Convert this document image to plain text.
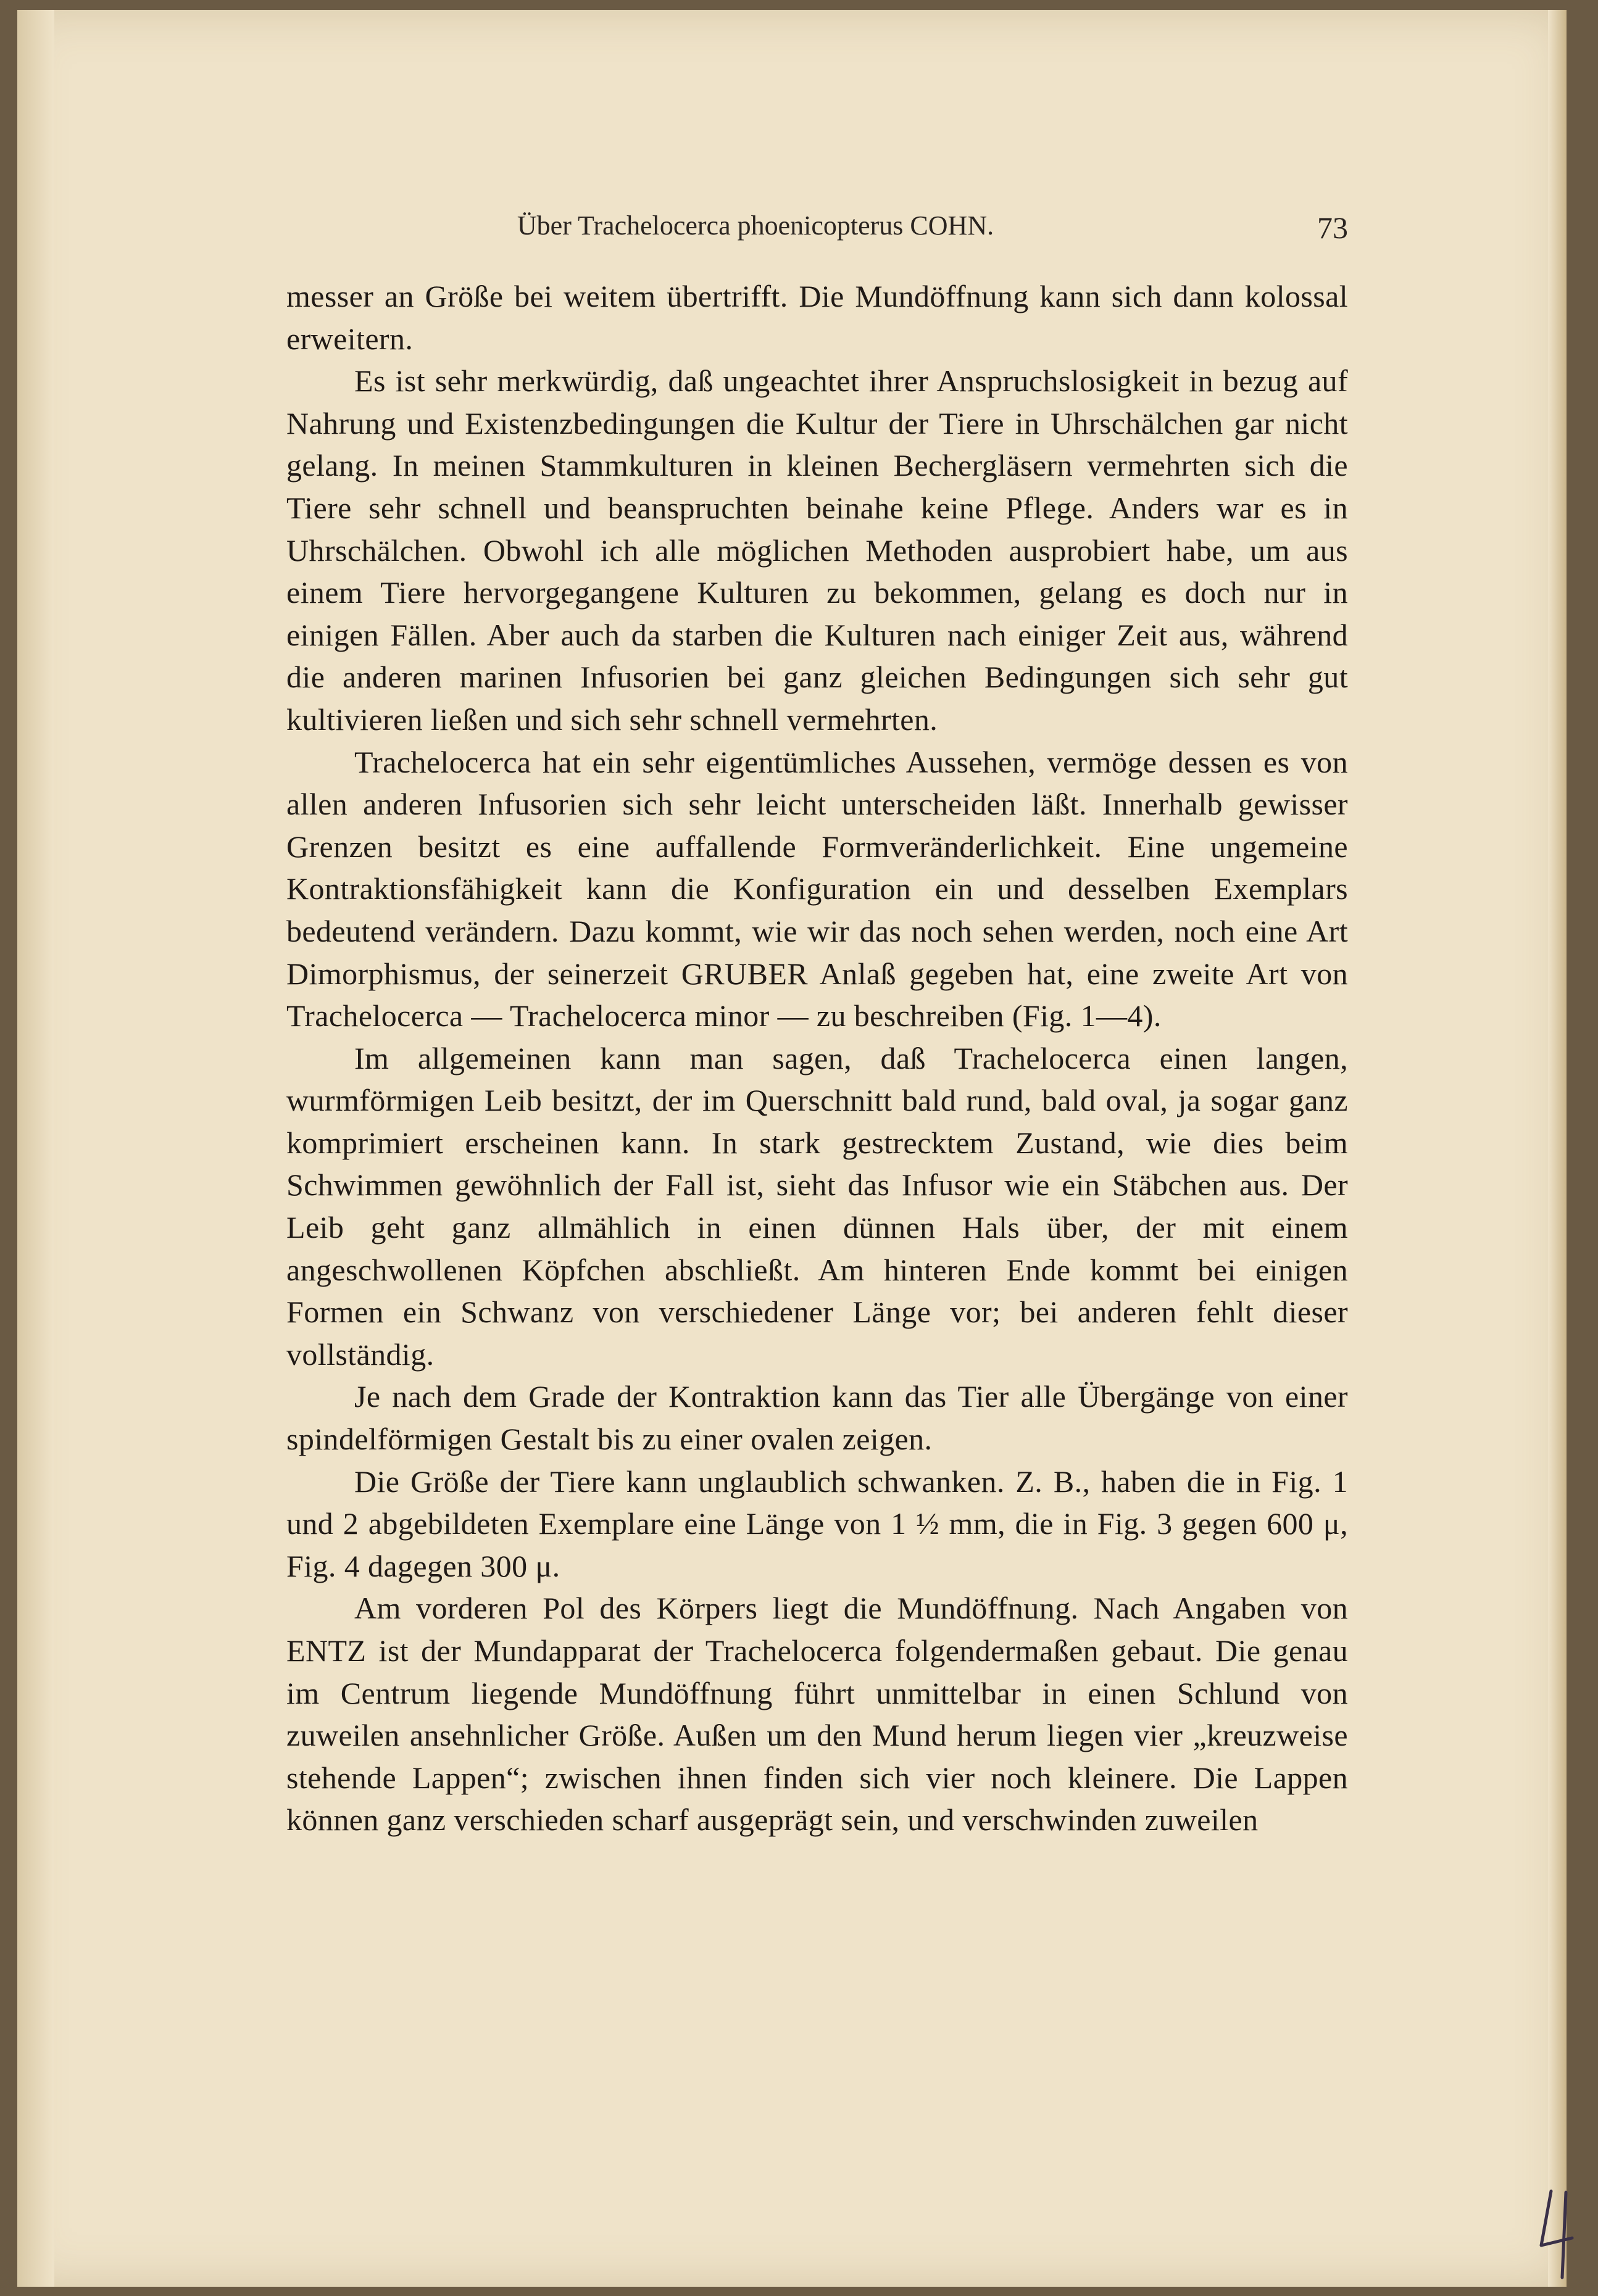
Über Trachelocerca phoenicopterus COHN.	73

messer an Größe bei weitem übertrifft. Die Mundöffnung kann sich dann kolossal erweitern.

Es ist sehr merkwürdig, daß ungeachtet ihrer Anspruchslosigkeit in bezug auf Nahrung und Existenzbedingungen die Kultur der Tiere in Uhrschälchen gar nicht gelang. In meinen Stammkulturen in kleinen Bechergläsern vermehrten sich die Tiere sehr schnell und beanspruchten beinahe keine Pflege. Anders war es in Uhrschälchen. Obwohl ich alle möglichen Methoden ausprobiert habe, um aus einem Tiere hervorgegangene Kulturen zu bekommen, gelang es doch nur in einigen Fällen. Aber auch da starben die Kulturen nach einiger Zeit aus, während die anderen marinen Infusorien bei ganz gleichen Bedingungen sich sehr gut kultivieren ließen und sich sehr schnell vermehrten.

Trachelocerca hat ein sehr eigentümliches Aussehen, vermöge dessen es von allen anderen Infusorien sich sehr leicht unterscheiden läßt. Innerhalb gewisser Grenzen besitzt es eine auffallende Formveränderlichkeit. Eine ungemeine Kontraktionsfähigkeit kann die Konfiguration ein und desselben Exemplars bedeutend verändern. Dazu kommt, wie wir das noch sehen werden, noch eine Art Dimorphismus, der seinerzeit GRUBER Anlaß gegeben hat, eine zweite Art von Trachelocerca — Trachelocerca minor — zu beschreiben (Fig. 1—4).

Im allgemeinen kann man sagen, daß Trachelocerca einen langen, wurmförmigen Leib besitzt, der im Querschnitt bald rund, bald oval, ja sogar ganz komprimiert erscheinen kann. In stark gestrecktem Zustand, wie dies beim Schwimmen gewöhnlich der Fall ist, sieht das Infusor wie ein Stäbchen aus. Der Leib geht ganz allmählich in einen dünnen Hals über, der mit einem angeschwollenen Köpfchen abschließt. Am hinteren Ende kommt bei einigen Formen ein Schwanz von verschiedener Länge vor; bei anderen fehlt dieser vollständig.

Je nach dem Grade der Kontraktion kann das Tier alle Übergänge von einer spindelförmigen Gestalt bis zu einer ovalen zeigen.

Die Größe der Tiere kann unglaublich schwanken. Z. B., haben die in Fig. 1 und 2 abgebildeten Exemplare eine Länge von 1 ½ mm, die in Fig. 3 gegen 600 μ, Fig. 4 dagegen 300 μ.

Am vorderen Pol des Körpers liegt die Mundöffnung. Nach Angaben von ENTZ ist der Mundapparat der Trachelocerca folgendermaßen gebaut. Die genau im Centrum liegende Mundöffnung führt unmittelbar in einen Schlund von zuweilen ansehnlicher Größe. Außen um den Mund herum liegen vier „kreuzweise stehende Lappen“; zwischen ihnen finden sich vier noch kleinere. Die Lappen können ganz verschieden scharf ausgeprägt sein, und verschwinden zuweilen
